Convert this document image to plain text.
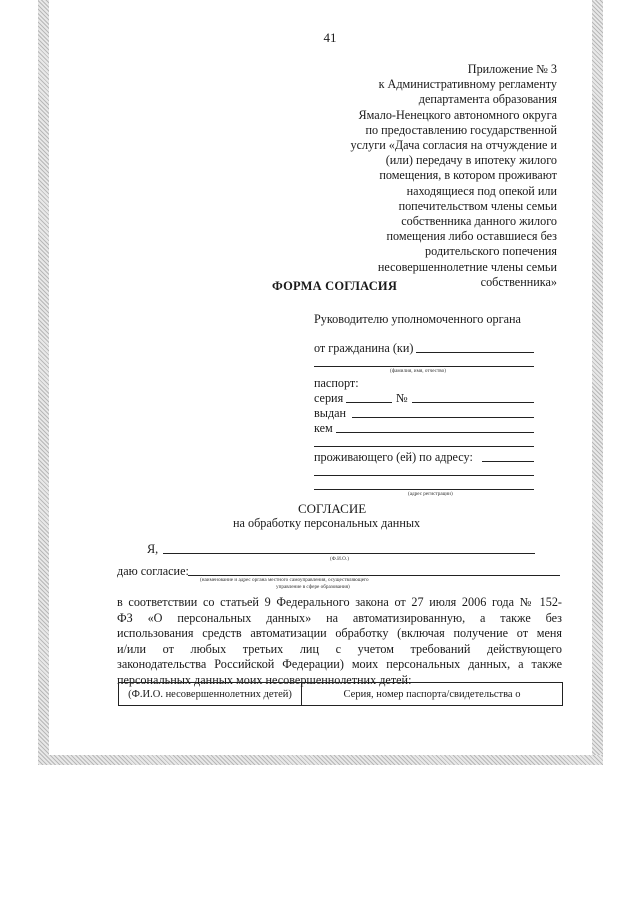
41
Приложение № 3
к Административному регламенту
департамента образования
Ямало-Ненецкого автономного округа
по предоставлению государственной
услуги «Дача согласия на отчуждение и
(или) передачу в ипотеку жилого
помещения, в котором проживают
находящиеся под опекой или
попечительством члены семьи
собственника данного жилого
помещения либо оставшиеся без
родительского попечения
несовершеннолетние члены семьи
собственника»
ФОРМА СОГЛАСИЯ
Руководителю уполномоченного органа
от гражданина (ки)
(фамилия, имя, отчество)
паспорт:
серия	№
выдан
кем
проживающего (ей) по адресу:
(адрес регистрации)
СОГЛАСИЕ
на обработку персональных данных
Я,
(Ф.И.О.)
даю согласие:
(наименование и адрес органа местного самоуправления, осуществляющего
управление в сфере образования)
в соответствии со статьей 9 Федерального закона от 27 июля 2006 года № 152-
ФЗ «О персональных данных» на автоматизированную, а также без
использования средств автоматизации обработку (включая получение от меня
и/или от любых третьих лиц с учетом требований действующего
законодательства Российской Федерации) моих персональных данных, а также
персональных данных моих несовершеннолетних детей:
(Ф.И.О. несовершеннолетних детей)	Серия, номер паспорта/свидетельства о
